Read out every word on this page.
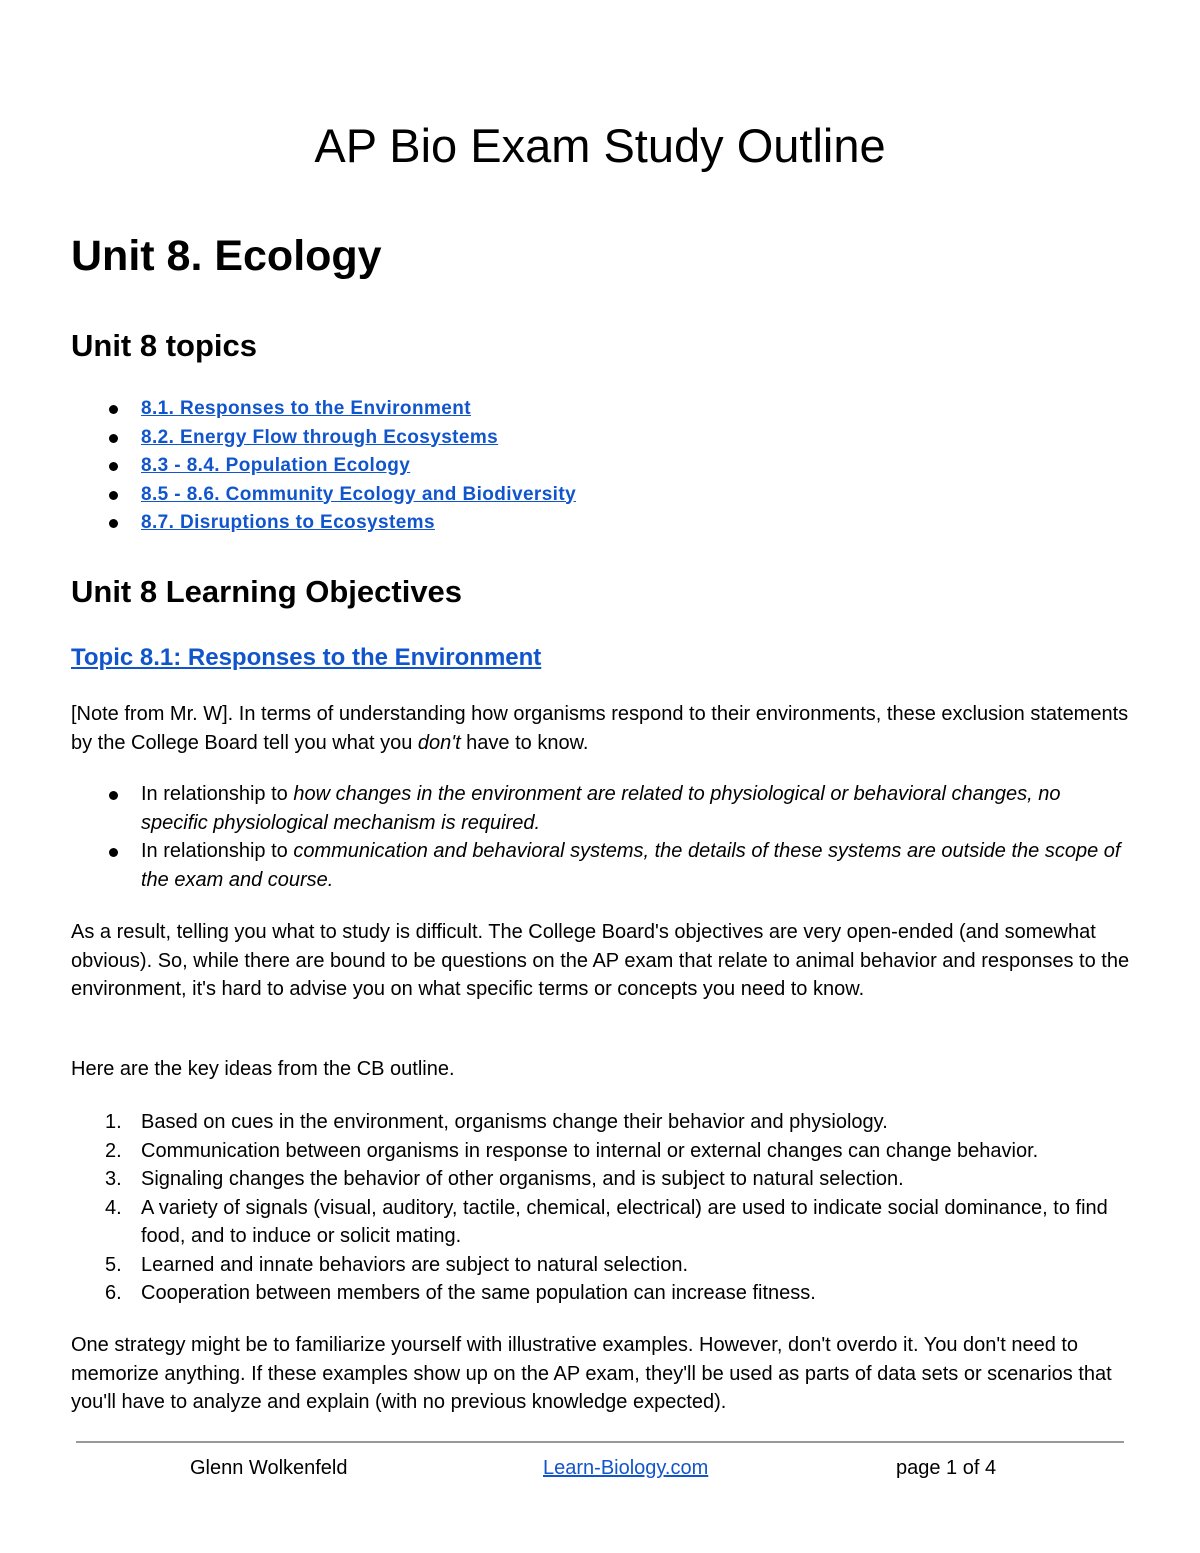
AP Bio Exam Study Outline
Unit 8. Ecology
Unit 8 topics
8.1. Responses to the Environment
8.2. Energy Flow through Ecosystems
8.3 - 8.4. Population Ecology
8.5 - 8.6. Community Ecology and Biodiversity
8.7. Disruptions to Ecosystems
Unit 8 Learning Objectives
Topic 8.1: Responses to the Environment

[Note from Mr. W]. In terms of understanding how organisms respond to their environments, these exclusion statements by the College Board tell you what you don't have to know.

In relationship to how changes in the environment are related to physiological or behavioral changes, no specific physiological mechanism is required.
In relationship to communication and behavioral systems, the details of these systems are outside the scope of the exam and course.

As a result, telling you what to study is difficult. The College Board's objectives are very open-ended (and somewhat obvious). So, while there are bound to be questions on the AP exam that relate to animal behavior and responses to the environment, it's hard to advise you on what specific terms or concepts you need to know.

Here are the key ideas from the CB outline.

1. Based on cues in the environment, organisms change their behavior and physiology.
2. Communication between organisms in response to internal or external changes can change behavior.
3. Signaling changes the behavior of other organisms, and is subject to natural selection.
4. A variety of signals (visual, auditory, tactile, chemical, electrical) are used to indicate social dominance, to find food, and to induce or solicit mating.
5. Learned and innate behaviors are subject to natural selection.
6. Cooperation between members of the same population can increase fitness.

One strategy might be to familiarize yourself with illustrative examples. However, don't overdo it. You don't need to memorize anything. If these examples show up on the AP exam, they'll be used as parts of data sets or scenarios that you'll have to analyze and explain (with no previous knowledge expected).

Glenn Wolkenfeld	Learn-Biology.com	page 1 of 4
